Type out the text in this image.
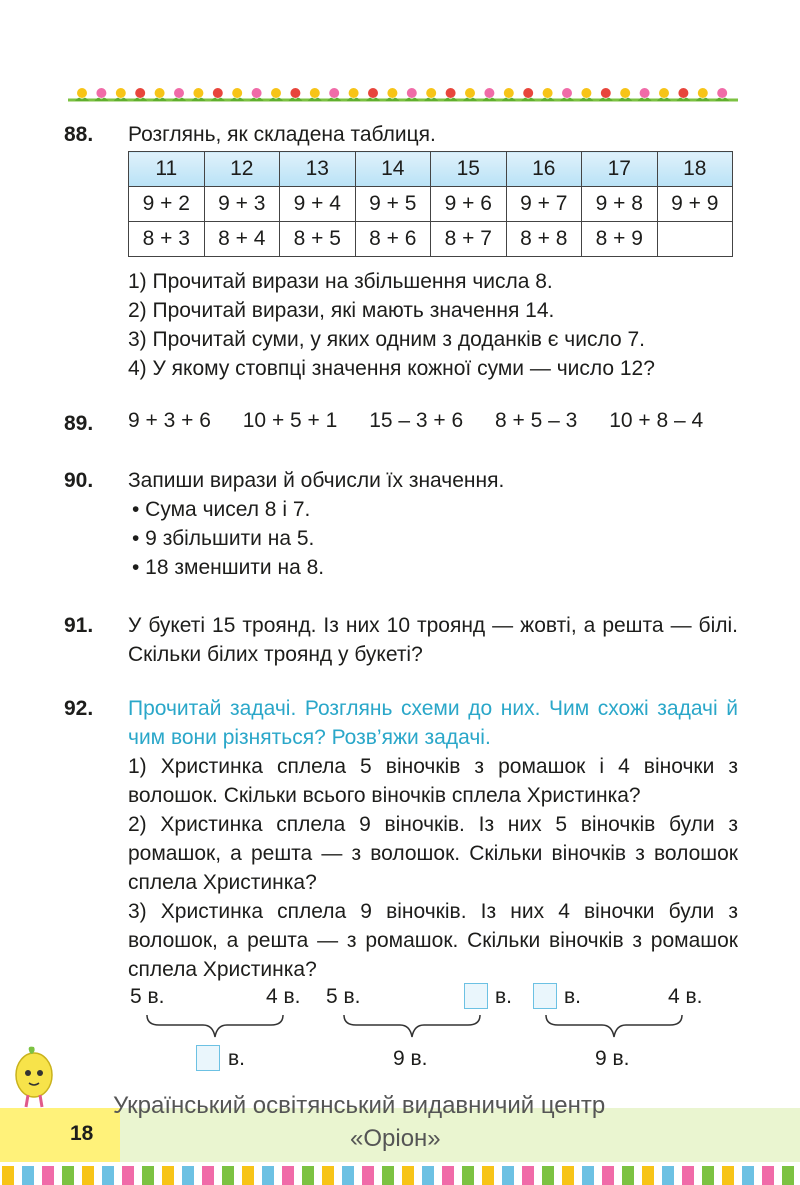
88. Розглянь, як складена таблиця.
11	12	13	14	15	16	17	18
9 + 2	9 + 3	9 + 4	9 + 5	9 + 6	9 + 7	9 + 8	9 + 9
8 + 3	8 + 4	8 + 5	8 + 6	8 + 7	8 + 8	8 + 9	
1) Прочитай вирази на збільшення числа 8.
2) Прочитай вирази, які мають значення 14.
3) Прочитай суми, у яких одним з доданків є число 7.
4) У якому стовпці значення кожної суми — число 12?
89. 9 + 3 + 6 10 + 5 + 1 15 – 3 + 6 8 + 5 – 3 10 + 8 – 4
90. Запиши вирази й обчисли їх значення.
• Сума чисел 8 і 7.
• 9 збільшити на 5.
• 18 зменшити на 8.
91. У букеті 15 троянд. Із них 10 троянд — жовті, а решта — білі. Скільки білих троянд у букеті?
92. Прочитай задачі. Розглянь схеми до них. Чим схожі задачі й чим вони різняться? Розв’яжи задачі.
1) Христинка сплела 5 віночків з ромашок і 4 віночки з волошок. Скільки всього віночків сплела Христинка?
2) Христинка сплела 9 віночків. Із них 5 віночків були з ромашок, а решта — з волошок. Скільки віночків з волошок сплела Христинка?
3) Христинка сплела 9 віночків. Із них 4 віночки були з волошок, а решта — з ромашок. Скільки віночків з ромашок сплела Христинка?
5 в.	4 в.
в.
5 в.	в.
9 в.
в.	4 в.
9 в.
18
Український освітянський видавничий центр
«Оріон»
